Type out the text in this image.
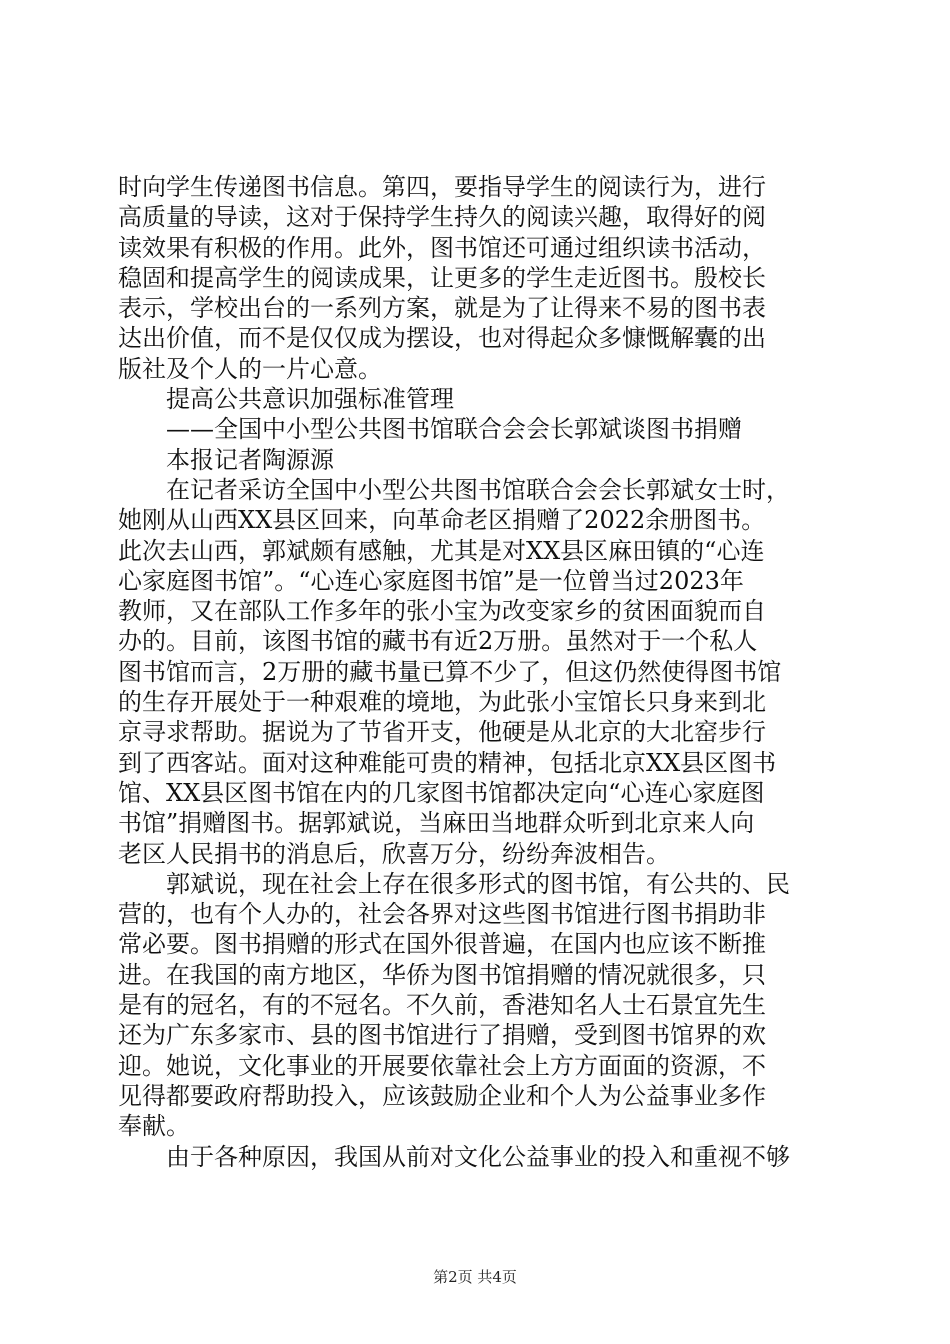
时向学生传递图书信息。第四，要指导学生的阅读行为，进行
高质量的导读，这对于保持学生持久的阅读兴趣，取得好的阅
读效果有积极的作用。此外，图书馆还可通过组织读书活动，
稳固和提高学生的阅读成果，让更多的学生走近图书。殷校长
表示，学校出台的一系列方案，就是为了让得来不易的图书表
达出价值，而不是仅仅成为摆设，也对得起众多慷慨解囊的出
版社及个人的一片心意。
提高公共意识加强标准管理
——全国中小型公共图书馆联合会会长郭斌谈图书捐赠
本报记者陶源源
在记者采访全国中小型公共图书馆联合会会长郭斌女士时，
她刚从山西XX县区回来，向革命老区捐赠了2022余册图书。
此次去山西，郭斌颇有感触，尤其是对XX县区麻田镇的“心连
心家庭图书馆”。“心连心家庭图书馆”是一位曾当过2023年
教师，又在部队工作多年的张小宝为改变家乡的贫困面貌而自
办的。目前，该图书馆的藏书有近2万册。虽然对于一个私人
图书馆而言，2万册的藏书量已算不少了，但这仍然使得图书馆
的生存开展处于一种艰难的境地，为此张小宝馆长只身来到北
京寻求帮助。据说为了节省开支，他硬是从北京的大北窑步行
到了西客站。面对这种难能可贵的精神，包括北京XX县区图书
馆、XX县区图书馆在内的几家图书馆都决定向“心连心家庭图
书馆”捐赠图书。据郭斌说，当麻田当地群众听到北京来人向
老区人民捐书的消息后，欣喜万分，纷纷奔波相告。
郭斌说，现在社会上存在很多形式的图书馆，有公共的、民
营的，也有个人办的，社会各界对这些图书馆进行图书捐助非
常必要。图书捐赠的形式在国外很普遍，在国内也应该不断推
进。在我国的南方地区，华侨为图书馆捐赠的情况就很多，只
是有的冠名，有的不冠名。不久前，香港知名人士石景宜先生
还为广东多家市、县的图书馆进行了捐赠，受到图书馆界的欢
迎。她说，文化事业的开展要依靠社会上方方面面的资源，不
见得都要政府帮助投入，应该鼓励企业和个人为公益事业多作
奉献。
由于各种原因，我国从前对文化公益事业的投入和重视不够
第2页 共4页
